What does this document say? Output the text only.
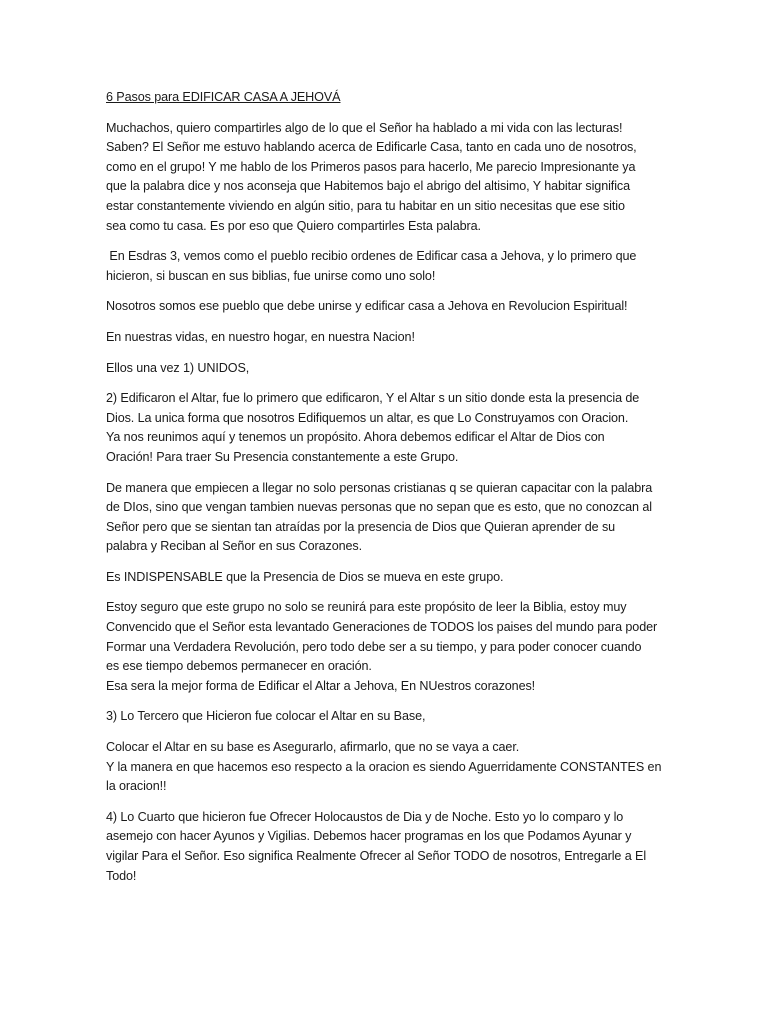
6 Pasos para EDIFICAR CASA A JEHOVÁ
Muchachos, quiero compartirles algo de lo que el Señor ha hablado a mi vida con las lecturas!
Saben? El Señor me estuvo hablando acerca de Edificarle Casa, tanto en cada uno de nosotros,
como en el grupo! Y me hablo de los Primeros pasos para hacerlo, Me parecio Impresionante ya
que la palabra dice y nos aconseja que Habitemos bajo el abrigo del altisimo, Y habitar significa
estar constantemente viviendo en algún sitio, para tu habitar en un sitio necesitas que ese sitio
sea como tu casa. Es por eso que Quiero compartirles Esta palabra.
En Esdras 3, vemos como el pueblo recibio ordenes de Edificar casa a Jehova, y lo primero que
hicieron, si buscan en sus biblias, fue unirse como uno solo!
Nosotros somos ese pueblo que debe unirse y edificar casa a Jehova en Revolucion Espiritual!
En nuestras vidas, en nuestro hogar, en nuestra Nacion!
Ellos una vez 1) UNIDOS,
2) Edificaron el Altar, fue lo primero que edificaron, Y el Altar s un sitio donde esta la presencia de
Dios. La unica forma que nosotros Edifiquemos un altar, es que Lo Construyamos con Oracion.
Ya nos reunimos aquí y tenemos un propósito. Ahora debemos edificar el Altar de Dios con
Oración! Para traer Su Presencia constantemente a este Grupo.
De manera que empiecen a llegar no solo personas cristianas q se quieran capacitar con la palabra
de DIos, sino que vengan tambien nuevas personas que no sepan que es esto, que no conozcan al
Señor pero que se sientan tan atraídas por la presencia de Dios que Quieran aprender de su
palabra y Reciban al Señor en sus Corazones.
Es INDISPENSABLE que la Presencia de Dios se mueva en este grupo.
Estoy seguro que este grupo no solo se reunirá para este propósito de leer la Biblia, estoy muy
Convencido que el Señor esta levantado Generaciones de TODOS los paises del mundo para poder
Formar una Verdadera Revolución, pero todo debe ser a su tiempo, y para poder conocer cuando
es ese tiempo debemos permanecer en oración.
Esa sera la mejor forma de Edificar el Altar a Jehova, En NUestros corazones!
3) Lo Tercero que Hicieron fue colocar el Altar en su Base,
Colocar el Altar en su base es Asegurarlo, afirmarlo, que no se vaya a caer.
Y la manera en que hacemos eso respecto a la oracion es siendo Aguerridamente CONSTANTES en
la oracion!!
4) Lo Cuarto que hicieron fue Ofrecer Holocaustos de Dia y de Noche. Esto yo lo comparo y lo
asemejo con hacer Ayunos y Vigilias. Debemos hacer programas en los que Podamos Ayunar y
vigilar Para el Señor. Eso significa Realmente Ofrecer al Señor TODO de nosotros, Entregarle a El
Todo!
